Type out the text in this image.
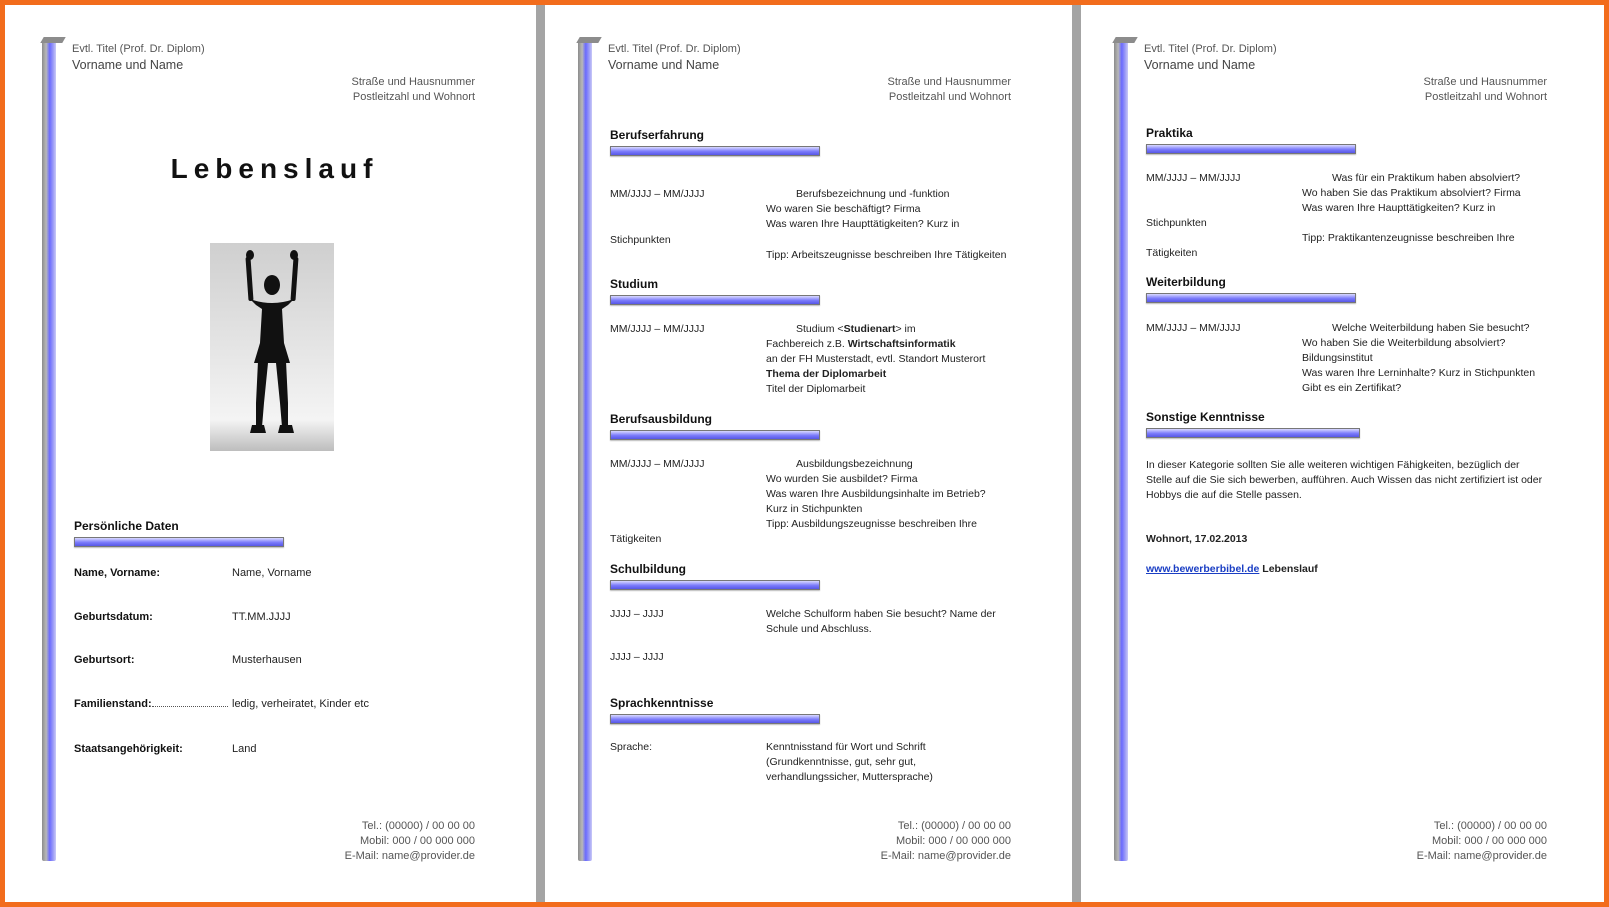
Evtl. Titel (Prof. Dr. Diplom)
Vorname und Name
Straße und Hausnummer
Postleitzahl und Wohnort
Lebenslauf
Persönliche Daten
Name, Vorname:	Name, Vorname
Geburtsdatum:	TT.MM.JJJJ
Geburtsort:	Musterhausen
Familienstand:	ledig, verheiratet, Kinder etc
Staatsangehörigkeit:	Land
Tel.: (00000) / 00 00 00
Mobil: 000 / 00 000 000
E-Mail: name@provider.de
Evtl. Titel (Prof. Dr. Diplom)
Vorname und Name
Straße und Hausnummer
Postleitzahl und Wohnort
Berufserfahrung
MM/JJJJ – MM/JJJJ	Berufsbezeichnung und -funktion
Wo waren Sie beschäftigt? Firma
Was waren Ihre Haupttätigkeiten? Kurz in
Stichpunkten
Tipp: Arbeitszeugnisse beschreiben Ihre Tätigkeiten
Studium
MM/JJJJ – MM/JJJJ	Studium <Studienart> im
Fachbereich z.B. Wirtschaftsinformatik
an der FH Musterstadt, evtl. Standort Musterort
Thema der Diplomarbeit
Titel der Diplomarbeit
Berufsausbildung
MM/JJJJ – MM/JJJJ	Ausbildungsbezeichnung
Wo wurden Sie ausbildet? Firma
Was waren Ihre Ausbildungsinhalte im Betrieb?
Kurz in Stichpunkten
Tipp: Ausbildungszeugnisse beschreiben Ihre
Tätigkeiten
Schulbildung
JJJJ – JJJJ	Welche Schulform haben Sie besucht? Name der
Schule und Abschluss.
JJJJ – JJJJ
Sprachkenntnisse
Sprache:	Kenntnisstand für Wort und Schrift
(Grundkenntnisse, gut, sehr gut,
verhandlungssicher, Muttersprache)
Tel.: (00000) / 00 00 00
Mobil: 000 / 00 000 000
E-Mail: name@provider.de
Evtl. Titel (Prof. Dr. Diplom)
Vorname und Name
Straße und Hausnummer
Postleitzahl und Wohnort
Praktika
MM/JJJJ – MM/JJJJ	Was für ein Praktikum haben absolviert?
Wo haben Sie das Praktikum absolviert? Firma
Was waren Ihre Haupttätigkeiten? Kurz in
Stichpunkten
Tipp: Praktikantenzeugnisse beschreiben Ihre
Tätigkeiten
Weiterbildung
MM/JJJJ – MM/JJJJ	Welche Weiterbildung haben Sie besucht?
Wo haben Sie die Weiterbildung absolviert?
Bildungsinstitut
Was waren Ihre Lerninhalte? Kurz in Stichpunkten
Gibt es ein Zertifikat?
Sonstige Kenntnisse
In dieser Kategorie sollten Sie alle weiteren wichtigen Fähigkeiten, bezüglich der
Stelle auf die Sie sich bewerben, aufführen. Auch Wissen das nicht zertifiziert ist oder
Hobbys die auf die Stelle passen.
Wohnort, 17.02.2013
www.bewerberbibel.de Lebenslauf
Tel.: (00000) / 00 00 00
Mobil: 000 / 00 000 000
E-Mail: name@provider.de
